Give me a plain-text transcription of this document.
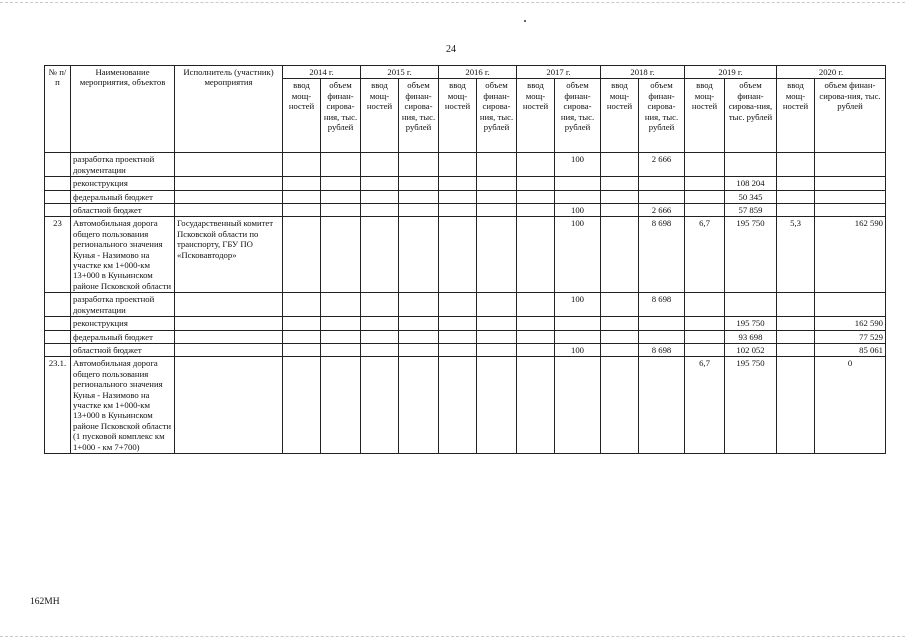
24
№ п/п	Наименование мероприятия, объектов	Исполнитель (участник) мероприятия	2014 г.		2015 г.		2016 г.		2017 г.		2018 г.		2019 г.		2020 г.	
			ввод мощ-ностей	объем финан-сирова-ния, тыс. рублей	ввод мощ-ностей	объем финан-сирова-ния, тыс. рублей	ввод мощ-ностей	объем финан-сирова-ния, тыс. рублей	ввод мощ-ностей	объем финан-сирова-ния, тыс. рублей	ввод мощ-ностей	объем финан-сирова-ния, тыс. рублей	ввод мощ-ностей	объем финан-сирова-ния, тыс. рублей	ввод мощ-ностей	объем финан-сирова-ния, тыс. рублей
	разработка проектной документации									100		2 666				
	реконструкция													108 204		
	федеральный бюджет													50 345		
	областной бюджет									100		2 666		57 859		
23	Автомобильная дорога общего пользования регионального значения Кунья - Назимово на участке км 1+000-км 13+000 в Куньинском районе Псковской области	Государственный комитет Псковской области по транспорту, ГБУ ПО «Псковавтодор»								100		8 698	6,7	195 750	5,3	162 590
	разработка проектной документации									100		8 698				
	реконструкция													195 750		162 590
	федеральный бюджет													93 698		77 529
	областной бюджет									100		8 698		102 052		85 061
23.1.	Автомобильная дорога общего пользования регионального значения Кунья - Назимово на участке км 1+000-км 13+000 в Куньинском районе Псковской области (1 пусковой комплекс км 1+000 - км 7+700)												6,7	195 750		0
162МН
